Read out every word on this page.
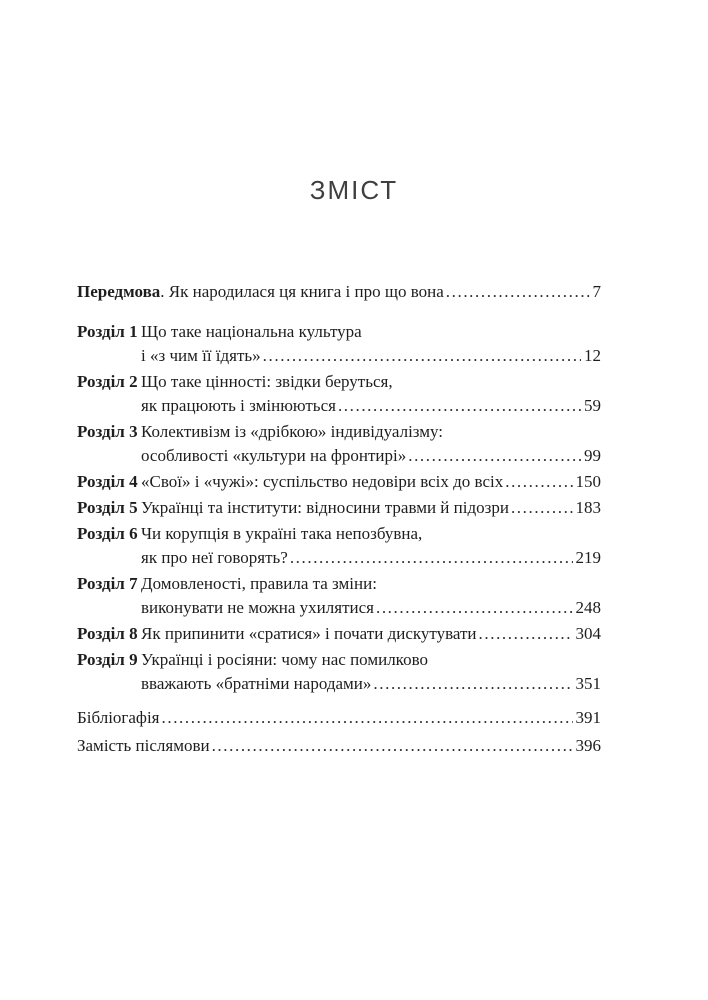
ЗМІСТ
Передмова. Як народилася ця книга і про що вона .....	7
Розділ 1 Що таке національна культура
і «з чим її їдять» .....	12
Розділ 2 Що таке цінності: звідки беруться,
як працюють і змінюються .....	59
Розділ 3 Колективізм із «дрібкою» індивідуалізму:
особливості «культури на фронтирі» .....	99
Розділ 4 «Свої» і «чужі»: суспільство недовіри всіх до всіх .....	150
Розділ 5 Українці та інститути: відносини травми й підозри .....	183
Розділ 6 Чи корупція в україні така непозбувна,
як про неї говорять? .....	219
Розділ 7 Домовленості, правила та зміни:
виконувати не можна ухилятися .....	248
Розділ 8 Як припинити «сратися» і почати дискутувати .....	304
Розділ 9 Українці і росіяни: чому нас помилково
вважають «братніми народами» .....	351
Бібліогафія .....	391
Замість післямови .....	396
